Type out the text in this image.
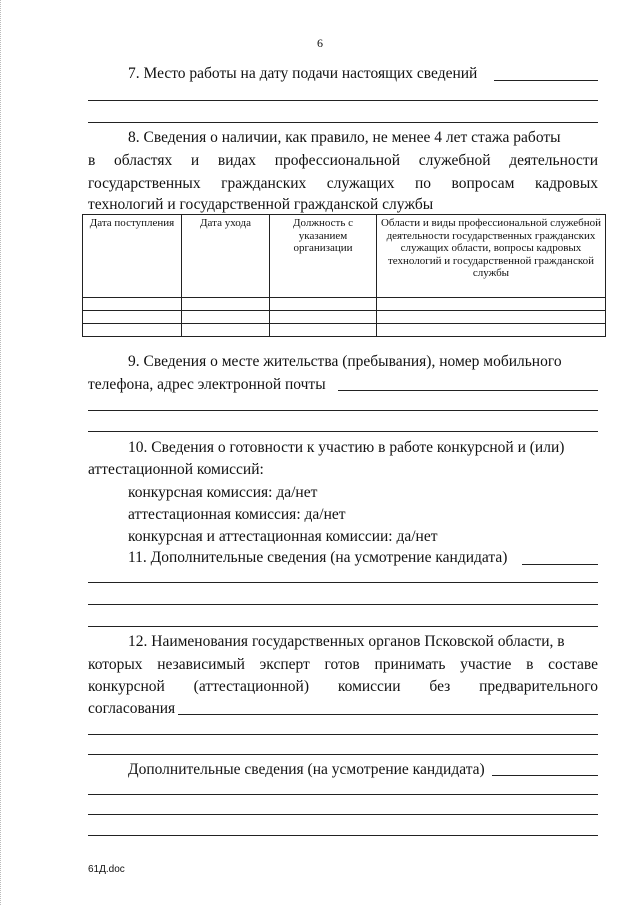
6
7. Место работы на дату подачи настоящих сведений
8. Сведения о наличии, как правило, не менее 4 лет стажа работы
в областях и видах профессиональной служебной деятельности
государственных гражданских служащих по вопросам кадровых
технологий и государственной гражданской службы
Дата поступления	Дата ухода	Должность с указанием организации	Области и виды профессиональной служебной деятельности государственных гражданских служащих области, вопросы кадровых технологий и государственной гражданской службы

9. Сведения о месте жительства (пребывания), номер мобильного
телефона, адрес электронной почты
10. Сведения о готовности к участию в работе конкурсной и (или)
аттестационной комиссий:
конкурсная комиссия: да/нет
аттестационная комиссия: да/нет
конкурсная и аттестационная комиссии: да/нет
11. Дополнительные сведения (на усмотрение кандидата)
12. Наименования государственных органов Псковской области, в
которых независимый эксперт готов принимать участие в составе
конкурсной (аттестационной) комиссии без предварительного
согласования
Дополнительные сведения (на усмотрение кандидата)
61Д.doc
